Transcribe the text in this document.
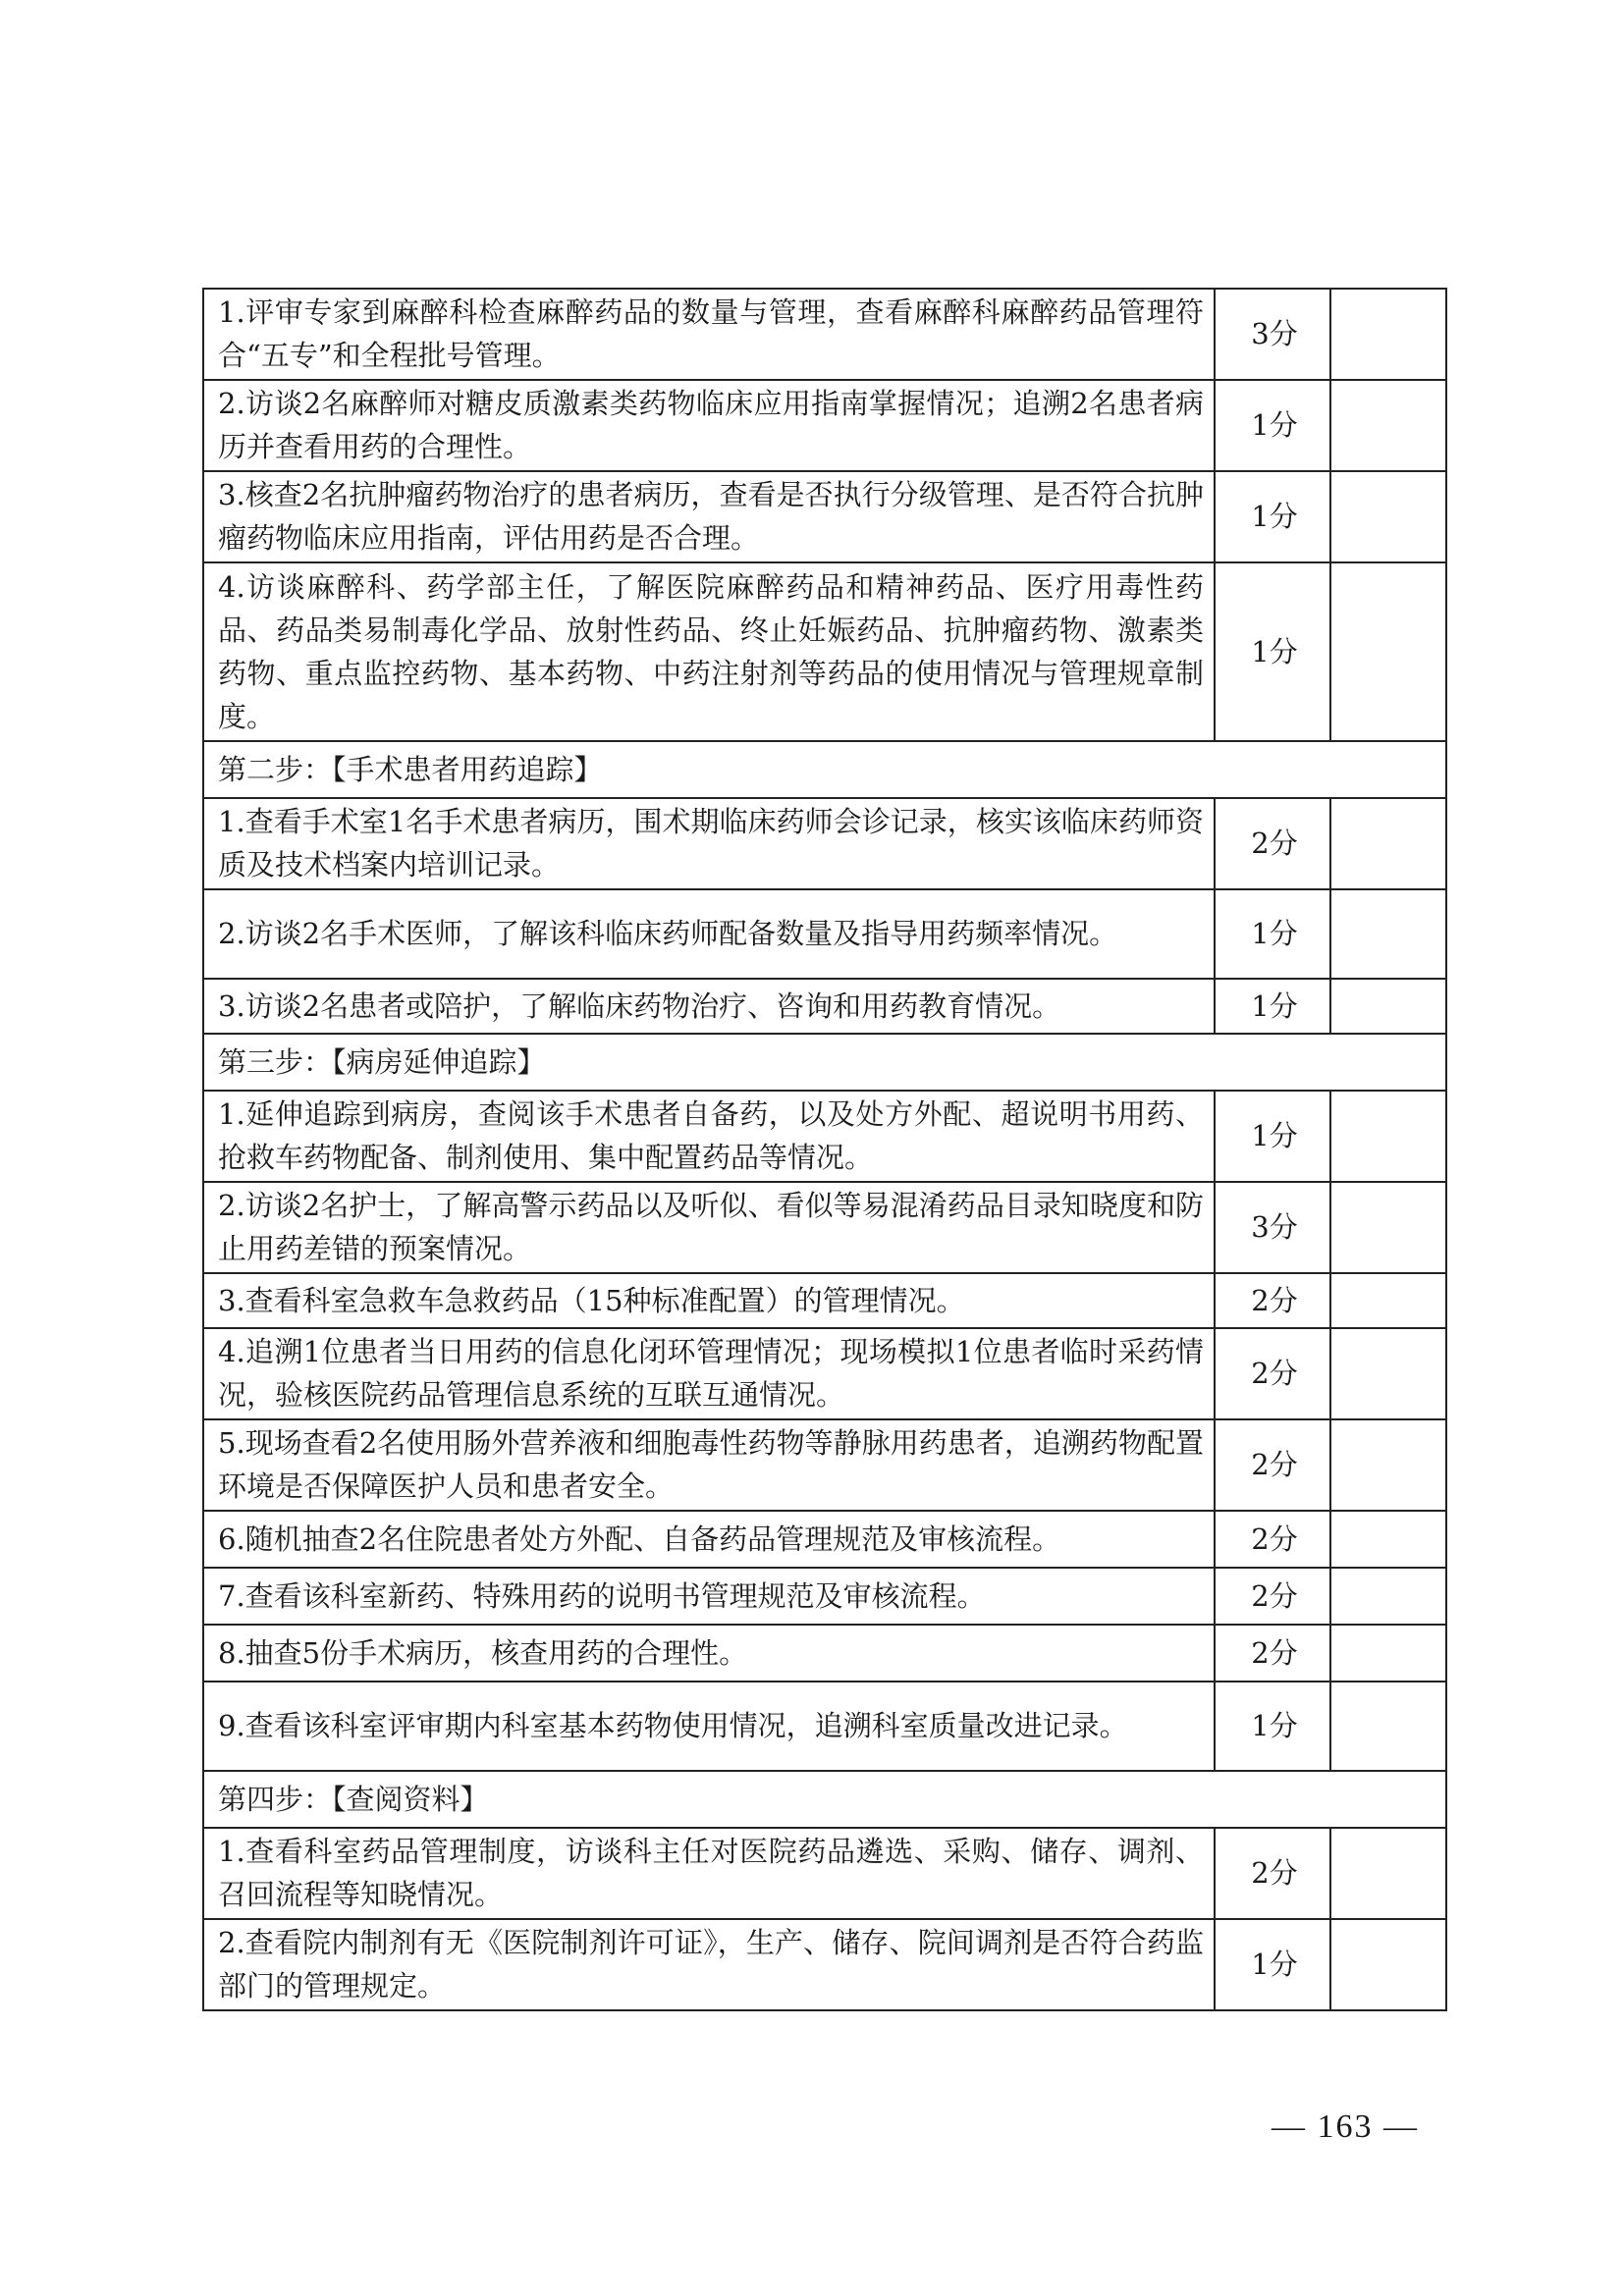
1.评审专家到麻醉科检查麻醉药品的数量与管理，查看麻醉科麻醉药品管理符合“五专”和全程批号管理。	3分	
2.访谈2名麻醉师对糖皮质激素类药物临床应用指南掌握情况；追溯2名患者病历并查看用药的合理性。	1分	
3.核查2名抗肿瘤药物治疗的患者病历，查看是否执行分级管理、是否符合抗肿瘤药物临床应用指南，评估用药是否合理。	1分	
4.访谈麻醉科、药学部主任，了解医院麻醉药品和精神药品、医疗用毒性药品、药品类易制毒化学品、放射性药品、终止妊娠药品、抗肿瘤药物、激素类药物、重点监控药物、基本药物、中药注射剂等药品的使用情况与管理规章制度。	1分	
第二步：【手术患者用药追踪】		
1.查看手术室1名手术患者病历，围术期临床药师会诊记录，核实该临床药师资质及技术档案内培训记录。	2分	
2.访谈2名手术医师，了解该科临床药师配备数量及指导用药频率情况。	1分	
3.访谈2名患者或陪护，了解临床药物治疗、咨询和用药教育情况。	1分	
第三步：【病房延伸追踪】		
1.延伸追踪到病房，查阅该手术患者自备药，以及处方外配、超说明书用药、抢救车药物配备、制剂使用、集中配置药品等情况。	1分	
2.访谈2名护士，了解高警示药品以及听似、看似等易混淆药品目录知晓度和防止用药差错的预案情况。	3分	
3.查看科室急救车急救药品（15种标准配置）的管理情况。	2分	
4.追溯1位患者当日用药的信息化闭环管理情况；现场模拟1位患者临时采药情况，验核医院药品管理信息系统的互联互通情况。	2分	
5.现场查看2名使用肠外营养液和细胞毒性药物等静脉用药患者，追溯药物配置环境是否保障医护人员和患者安全。	2分	
6.随机抽查2名住院患者处方外配、自备药品管理规范及审核流程。	2分	
7.查看该科室新药、特殊用药的说明书管理规范及审核流程。	2分	
8.抽查5份手术病历，核查用药的合理性。	2分	
9.查看该科室评审期内科室基本药物使用情况，追溯科室质量改进记录。	1分	
第四步：【查阅资料】		
1.查看科室药品管理制度，访谈科主任对医院药品遴选、采购、储存、调剂、召回流程等知晓情况。	2分	
2.查看院内制剂有无《医院制剂许可证》，生产、储存、院间调剂是否符合药监部门的管理规定。	1分	
— 163 —
